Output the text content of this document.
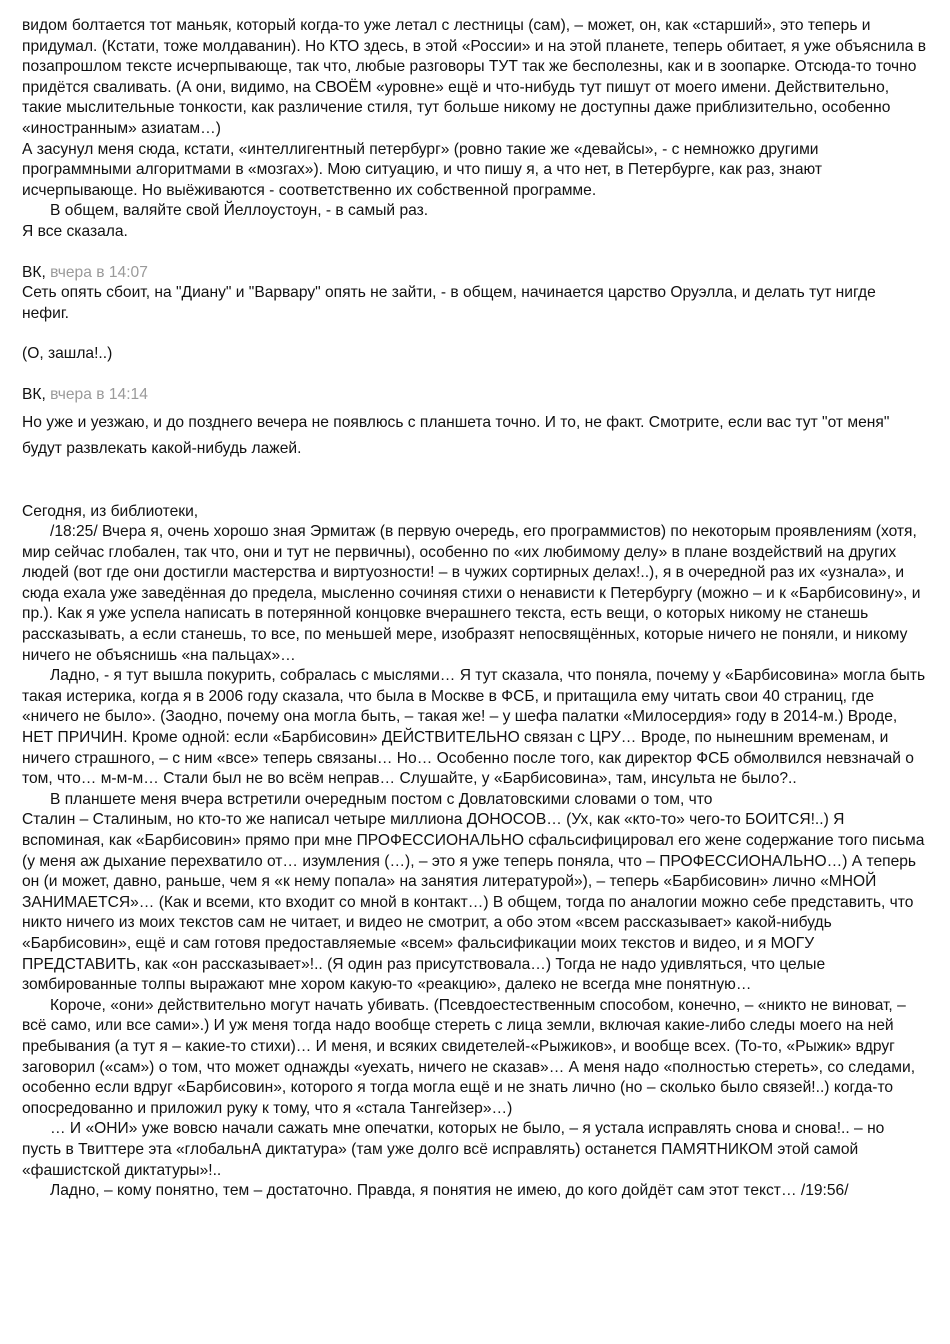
видом болтается тот маньяк, который когда-то уже летал с лестницы (сам), – может, он, как «старший», это теперь и придумал. (Кстати, тоже молдаванин). Но КТО здесь, в этой «России» и на этой планете, теперь обитает, я уже объяснила в позапрошлом тексте исчерпывающе, так что, любые разговоры ТУТ так же бесполезны, как и в зоопарке. Отсюда-то точно придётся сваливать. (А они, видимо, на СВОЁМ «уровне» ещё и что-нибудь тут пишут от моего имени. Действительно, такие мыслительные тонкости, как различение стиля, тут больше никому не доступны даже приблизительно, особенно «иностранным» азиатам…)

А засунул меня сюда, кстати, «интеллигентный петербург» (ровно такие же «девайсы», - с немножко другими программными алгоритмами в «мозгах»). Мою ситуацию, и что пишу я, а что нет, в Петербурге, как раз, знают исчерпывающе. Но выёживаются - соответственно их собственной программе.

В общем, валяйте свой Йеллоустоун, - в самый раз.

Я все сказала.

ВК, вчера в 14:07

Сеть опять сбоит, на "Диану" и "Варвару" опять не зайти, - в общем, начинается царство Оруэлла, и делать тут нигде нефиг.

(О, зашла!..)

ВК, вчера в 14:14

Но уже и уезжаю, и до позднего вечера не появлюсь с планшета точно. И то, не факт. Смотрите, если вас тут "от меня" будут развлекать какой-нибудь лажей.

Сегодня, из библиотеки,

/18:25/ Вчера я, очень хорошо зная Эрмитаж (в первую очередь, его программистов) по некоторым проявлениям (хотя, мир сейчас глобален, так что, они и тут не первичны), особенно по «их любимому делу» в плане воздействий на других людей (вот где они достигли мастерства и виртуозности! – в чужих сортирных делах!..), я в очередной раз их «узнала», и сюда ехала уже заведённая до предела, мысленно сочиняя стихи о ненависти к Петербургу (можно – и к «Барбисовину», и пр.). Как я уже успела написать в потерянной концовке вчерашнего текста, есть вещи, о которых никому не станешь рассказывать, а если станешь, то все, по меньшей мере, изобразят непосвящённых, которые ничего не поняли, и никому ничего не объяснишь «на пальцах»…

Ладно, - я тут вышла покурить, собралась с мыслями… Я тут сказала, что поняла, почему у «Барбисовина» могла быть такая истерика, когда я в 2006 году сказала, что была в Москве в ФСБ, и притащила ему читать свои 40 страниц, где «ничего не было». (Заодно, почему она могла быть, – такая же! – у шефа палатки «Милосердия» году в 2014-м.) Вроде, НЕТ ПРИЧИН. Кроме одной: если «Барбисовин» ДЕЙСТВИТЕЛЬНО связан с ЦРУ… Вроде, по нынешним временам, и ничего страшного, – с ним «все» теперь связаны… Но… Особенно после того, как директор ФСБ обмолвился невзначай о том, что… м-м-м… Стали был не во всём неправ… Слушайте, у «Барбисовина», там, инсульта не было?..

В планшете меня вчера встретили очередным постом с Довлатовскими словами о том, что

Сталин – Сталиным, но кто-то же написал четыре миллиона ДОНОСОВ… (Ух, как «кто-то» чего-то БОИТСЯ!..) Я вспоминая, как «Барбисовин» прямо при мне ПРОФЕССИОНАЛЬНО сфальсифицировал его жене содержание того письма (у меня аж дыхание перехватило от… изумления (…), – это я уже теперь поняла, что – ПРОФЕССИОНАЛЬНО…) А теперь он (и может, давно, раньше, чем я «к нему попала» на занятия литературой»), – теперь «Барбисовин» лично «МНОЙ ЗАНИМАЕТСЯ»… (Как и всеми, кто входит со мной в контакт…) В общем, тогда по аналогии можно себе представить, что никто ничего из моих текстов сам не читает, и видео не смотрит, а обо этом «всем рассказывает» какой-нибудь «Барбисовин», ещё и сам готовя предоставляемые «всем» фальсификации моих текстов и видео, и я МОГУ ПРЕДСТАВИТЬ, как «он рассказывает»!.. (Я один раз присутствовала…) Тогда не надо удивляться, что целые зомбированные толпы выражают мне хором какую-то «реакцию», далеко не всегда мне понятную…

Короче, «они» действительно могут начать убивать. (Псевдоестественным способом, конечно, – «никто не виноват, – всё само, или все сами».) И уж меня тогда надо вообще стереть с лица земли, включая какие-либо следы моего на ней пребывания (а тут я – какие-то стихи)… И меня, и всяких свидетелей-«Рыжиков», и вообще всех. (То-то, «Рыжик» вдруг заговорил («сам») о том, что может однажды «уехать, ничего не сказав»… А меня надо «полностью стереть», со следами, особенно если вдруг «Барбисовин», которого я тогда могла ещё и не знать лично (но – сколько было связей!..) когда-то опосредованно и приложил руку к тому, что я «стала Тангейзер»…)

… И «ОНИ» уже вовсю начали сажать мне опечатки, которых не было, – я устала исправлять снова и снова!.. – но пусть в Твиттере эта «глобальнА диктатура» (там уже долго всё исправлять) останется ПАМЯТНИКОМ этой самой «фашистской диктатуры»!..

Ладно, – кому понятно, тем – достаточно. Правда, я понятия не имею, до кого дойдёт сам этот текст… /19:56/
